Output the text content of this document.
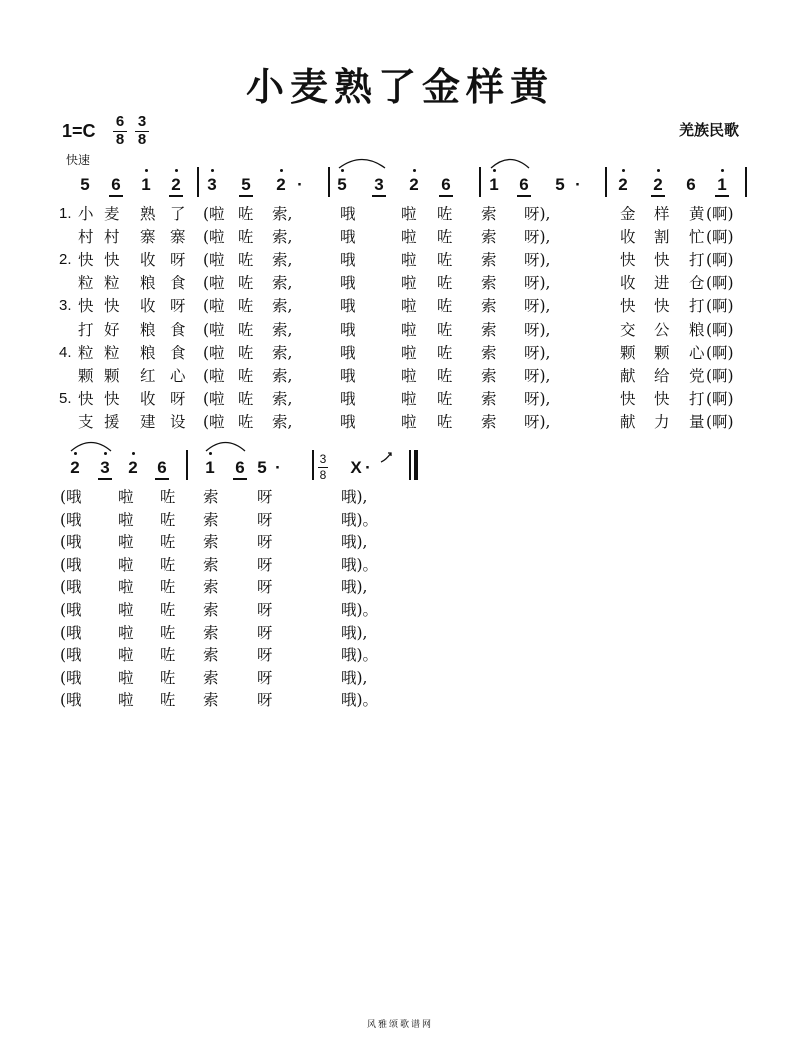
小麦熟了金样黄
1=C 6
8
3
8
快速
羌族民歌
风雅颂歌谱网
5 6 1 2 3 5 2 ·	5 3 2 6 1 6 5 ·	2 2 6 1
1. 小 麦 熟 了 (啦 咗 索,	哦	啦 咗 索 呀),	金 样 黄 (啊)
村 村 寨 寨 (啦 咗 索,	哦	啦 咗 索 呀),	收 割 忙 (啊)
2. 快 快 收 呀 (啦 咗 索,	哦	啦 咗 索 呀),	快 快 打 (啊)
粒 粒 粮 食 (啦 咗 索,	哦	啦 咗 索 呀),	收 进 仓 (啊)
3. 快 快 收 呀 (啦 咗 索,	哦	啦 咗 索 呀),	快 快 打 (啊)
打 好 粮 食 (啦 咗 索,	哦	啦 咗 索 呀),	交 公 粮 (啊)
4. 粒 粒 粮 食 (啦 咗 索,	哦	啦 咗 索 呀),	颗 颗 心 (啊)
颗 颗 红 心 (啦 咗 索,	哦	啦 咗 索 呀),	献 给 党 (啊)
5. 快 快 收 呀 (啦 咗 索,	哦	啦 咗 索 呀),	快 快 打 (啊)
支 援 建 设 (啦 咗 索,	哦	啦 咗 索 呀),	献 力 量 (啊)
2 3 2 6 1 6 5 ·	X ·
3
8
(哦 啦 咗 索 呀	哦),
(哦 啦 咗 索 呀	哦)。
(哦 啦 咗 索 呀	哦),
(哦 啦 咗 索 呀	哦)。
(哦 啦 咗 索 呀	哦),
(哦 啦 咗 索 呀	哦)。
(哦 啦 咗 索 呀	哦),
(哦 啦 咗 索 呀	哦)。
(哦 啦 咗 索 呀	哦),
(哦 啦 咗 索 呀	哦)。
